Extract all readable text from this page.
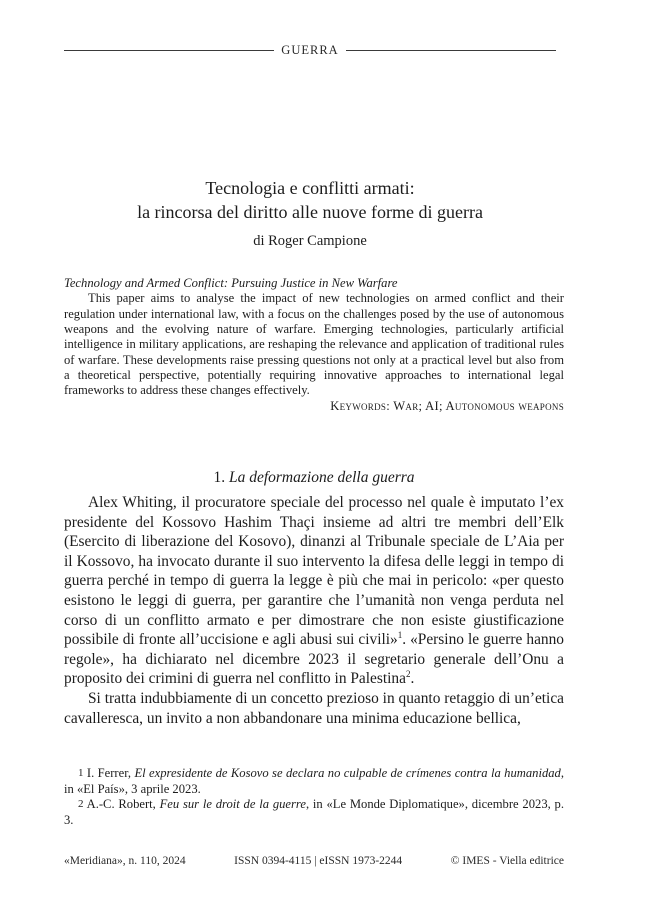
GUERRA
Tecnologia e conflitti armati:
la rincorsa del diritto alle nuove forme di guerra
di Roger Campione
Technology and Armed Conflict: Pursuing Justice in New Warfare

This paper aims to analyse the impact of new technologies on armed conflict and their regulation under international law, with a focus on the challenges posed by the use of autonomous weapons and the evolving nature of warfare. Emerging technologies, particularly artificial intelligence in military applications, are reshaping the relevance and application of traditional rules of warfare. These developments raise pressing questions not only at a practical level but also from a theoretical perspective, potentially requiring innovative approaches to international legal frameworks to address these changes effectively.

Keywords: War; AI; Autonomous weapons

1. La deformazione della guerra

Alex Whiting, il procuratore speciale del processo nel quale è imputato l’ex presidente del Kossovo Hashim Thaçi insieme ad altri tre membri dell’Elk (Esercito di liberazione del Kosovo), dinanzi al Tribunale speciale de L’Aia per il Kossovo, ha invocato durante il suo intervento la difesa delle leggi in tempo di guerra perché in tempo di guerra la legge è più che mai in pericolo: «per questo esistono le leggi di guerra, per garantire che l’umanità non venga perduta nel corso di un conflitto armato e per dimostrare che non esiste giustificazione possibile di fronte all’uccisione e agli abusi sui civili»$^1$. «Persino le guerre hanno regole», ha dichiarato nel dicembre 2023 il segretario generale dell’Onu a proposito dei crimini di guerra nel conflitto in Palestina$^2$.

Si tratta indubbiamente di un concetto prezioso in quanto retaggio di un’etica cavalleresca, un invito a non abbandonare una minima educazione bellica,

1 I. Ferrer, El expresidente de Kosovo se declara no culpable de crímenes contra la humanidad, in «El País», 3 aprile 2023.

2 A.-C. Robert, Feu sur le droit de la guerre, in «Le Monde Diplomatique», dicembre 2023, p. 3.

«Meridiana», n. 110, 2024	ISSN 0394-4115 | eISSN 1973-2244	© IMES - Viella editrice
